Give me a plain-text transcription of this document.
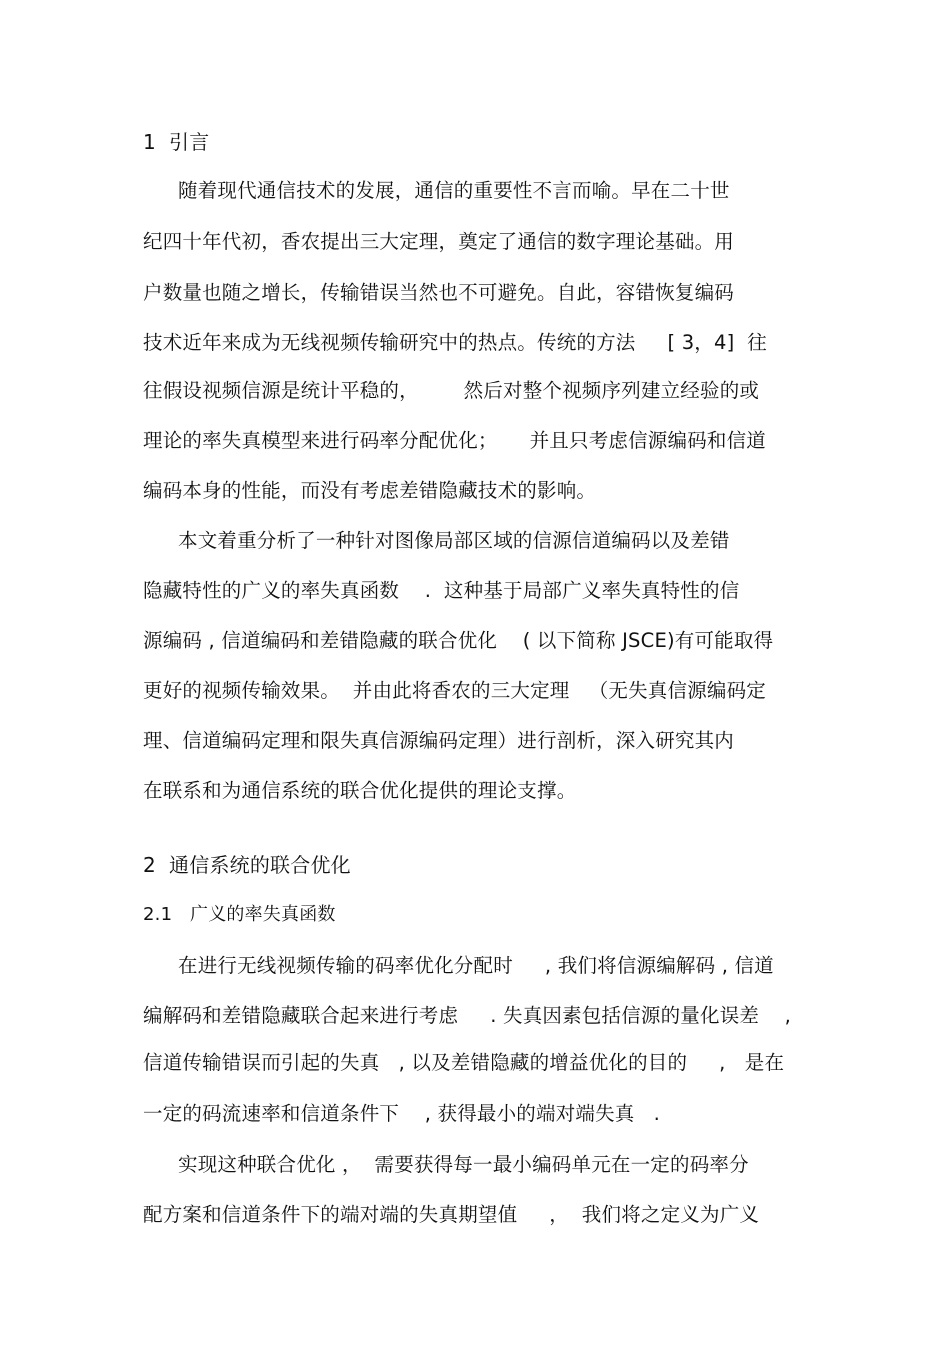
1  引言
随着现代通信技术的发展，通信的重要性不言而喻。早在二十世
纪四十年代初，香农提出三大定理，奠定了通信的数字理论基础。用
户数量也随之增长，传输错误当然也不可避免。自此，容错恢复编码
技术近年来成为无线视频传输研究中的热点。传统的方法     [ 3，4]  往
往假设视频信源是统计平稳的，       然后对整个视频序列建立经验的或
理论的率失真模型来进行码率分配优化；     并且只考虑信源编码和信道
编码本身的性能，而没有考虑差错隐藏技术的影响。
本文着重分析了一种针对图像局部区域的信源信道编码以及差错
隐藏特性的广义的率失真函数    .  这种基于局部广义率失真特性的信
源编码 , 信道编码和差错隐藏的联合优化    ( 以下简称 JSCE)有可能取得
更好的视频传输效果。  并由此将香农的三大定理   （无失真信源编码定
理、信道编码定理和限失真信源编码定理）进行剖析，深入研究其内
在联系和为通信系统的联合优化提供的理论支撑。
2  通信系统的联合优化
2.1   广义的率失真函数
在进行无线视频传输的码率优化分配时     , 我们将信源编解码 , 信道
编解码和差错隐藏联合起来进行考虑     . 失真因素包括信源的量化误差    ,
信道传输错误而引起的失真   , 以及差错隐藏的增益优化的目的     ,   是在
一定的码流速率和信道条件下    , 获得最小的端对端失真   .
实现这种联合优化 ，  需要获得每一最小编码单元在一定的码率分
配方案和信道条件下的端对端的失真期望值     ，  我们将之定义为广义
